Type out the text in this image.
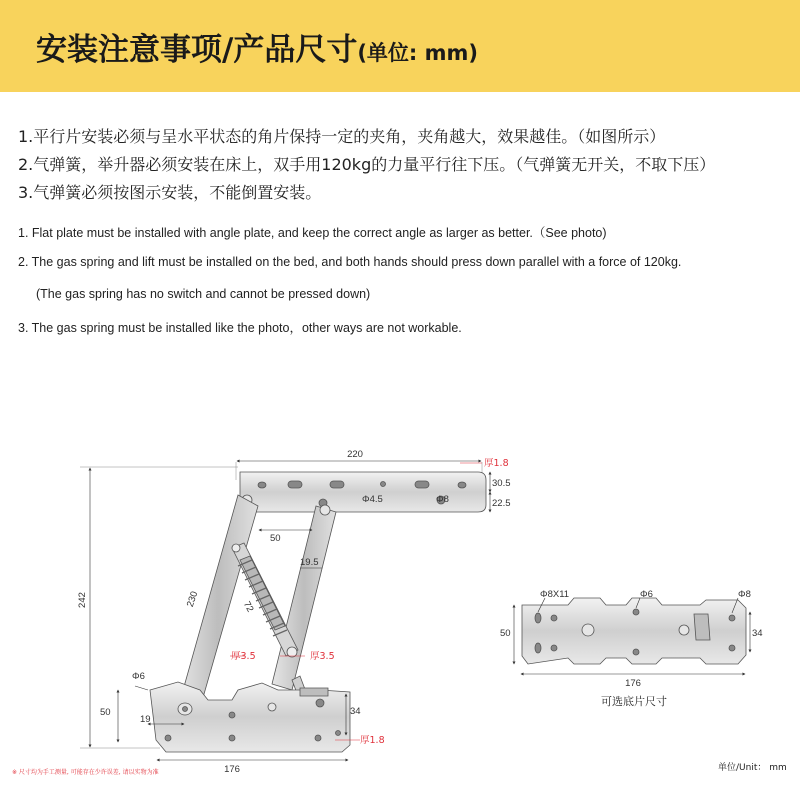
安装注意事项/产品尺寸(单位: mm)

1.平行片安装必须与呈水平状态的角片保持一定的夹角，夹角越大，效果越佳。（如图所示）

2.气弹簧，举升器必须安装在床上，双手用120kg的力量平行往下压。（气弹簧无开关，不取下压）

3.气弹簧必须按图示安装，不能倒置安装。

1. Flat plate must be installed with angle plate, and keep the correct angle as larger as better.（See photo)
2. The gas spring and lift must be installed on the bed, and both hands should press down parallel with a force of 120kg.
(The gas spring has no switch and cannot be pressed down)
3. The gas spring must be installed like the photo，other ways are not workable.
220
厚1.8
30.5
22.5
Φ4.5	Φ8
50
19.5
242	230	72
厚3.5	厚3.5
Φ6
50
19
34
厚1.8
176
Φ8X11	Φ6	Φ8
50	34
176
可选底片尺寸
单位/Unit： mm
※ 尺寸均为手工测量, 可能存在少许误差, 请以实物为准
